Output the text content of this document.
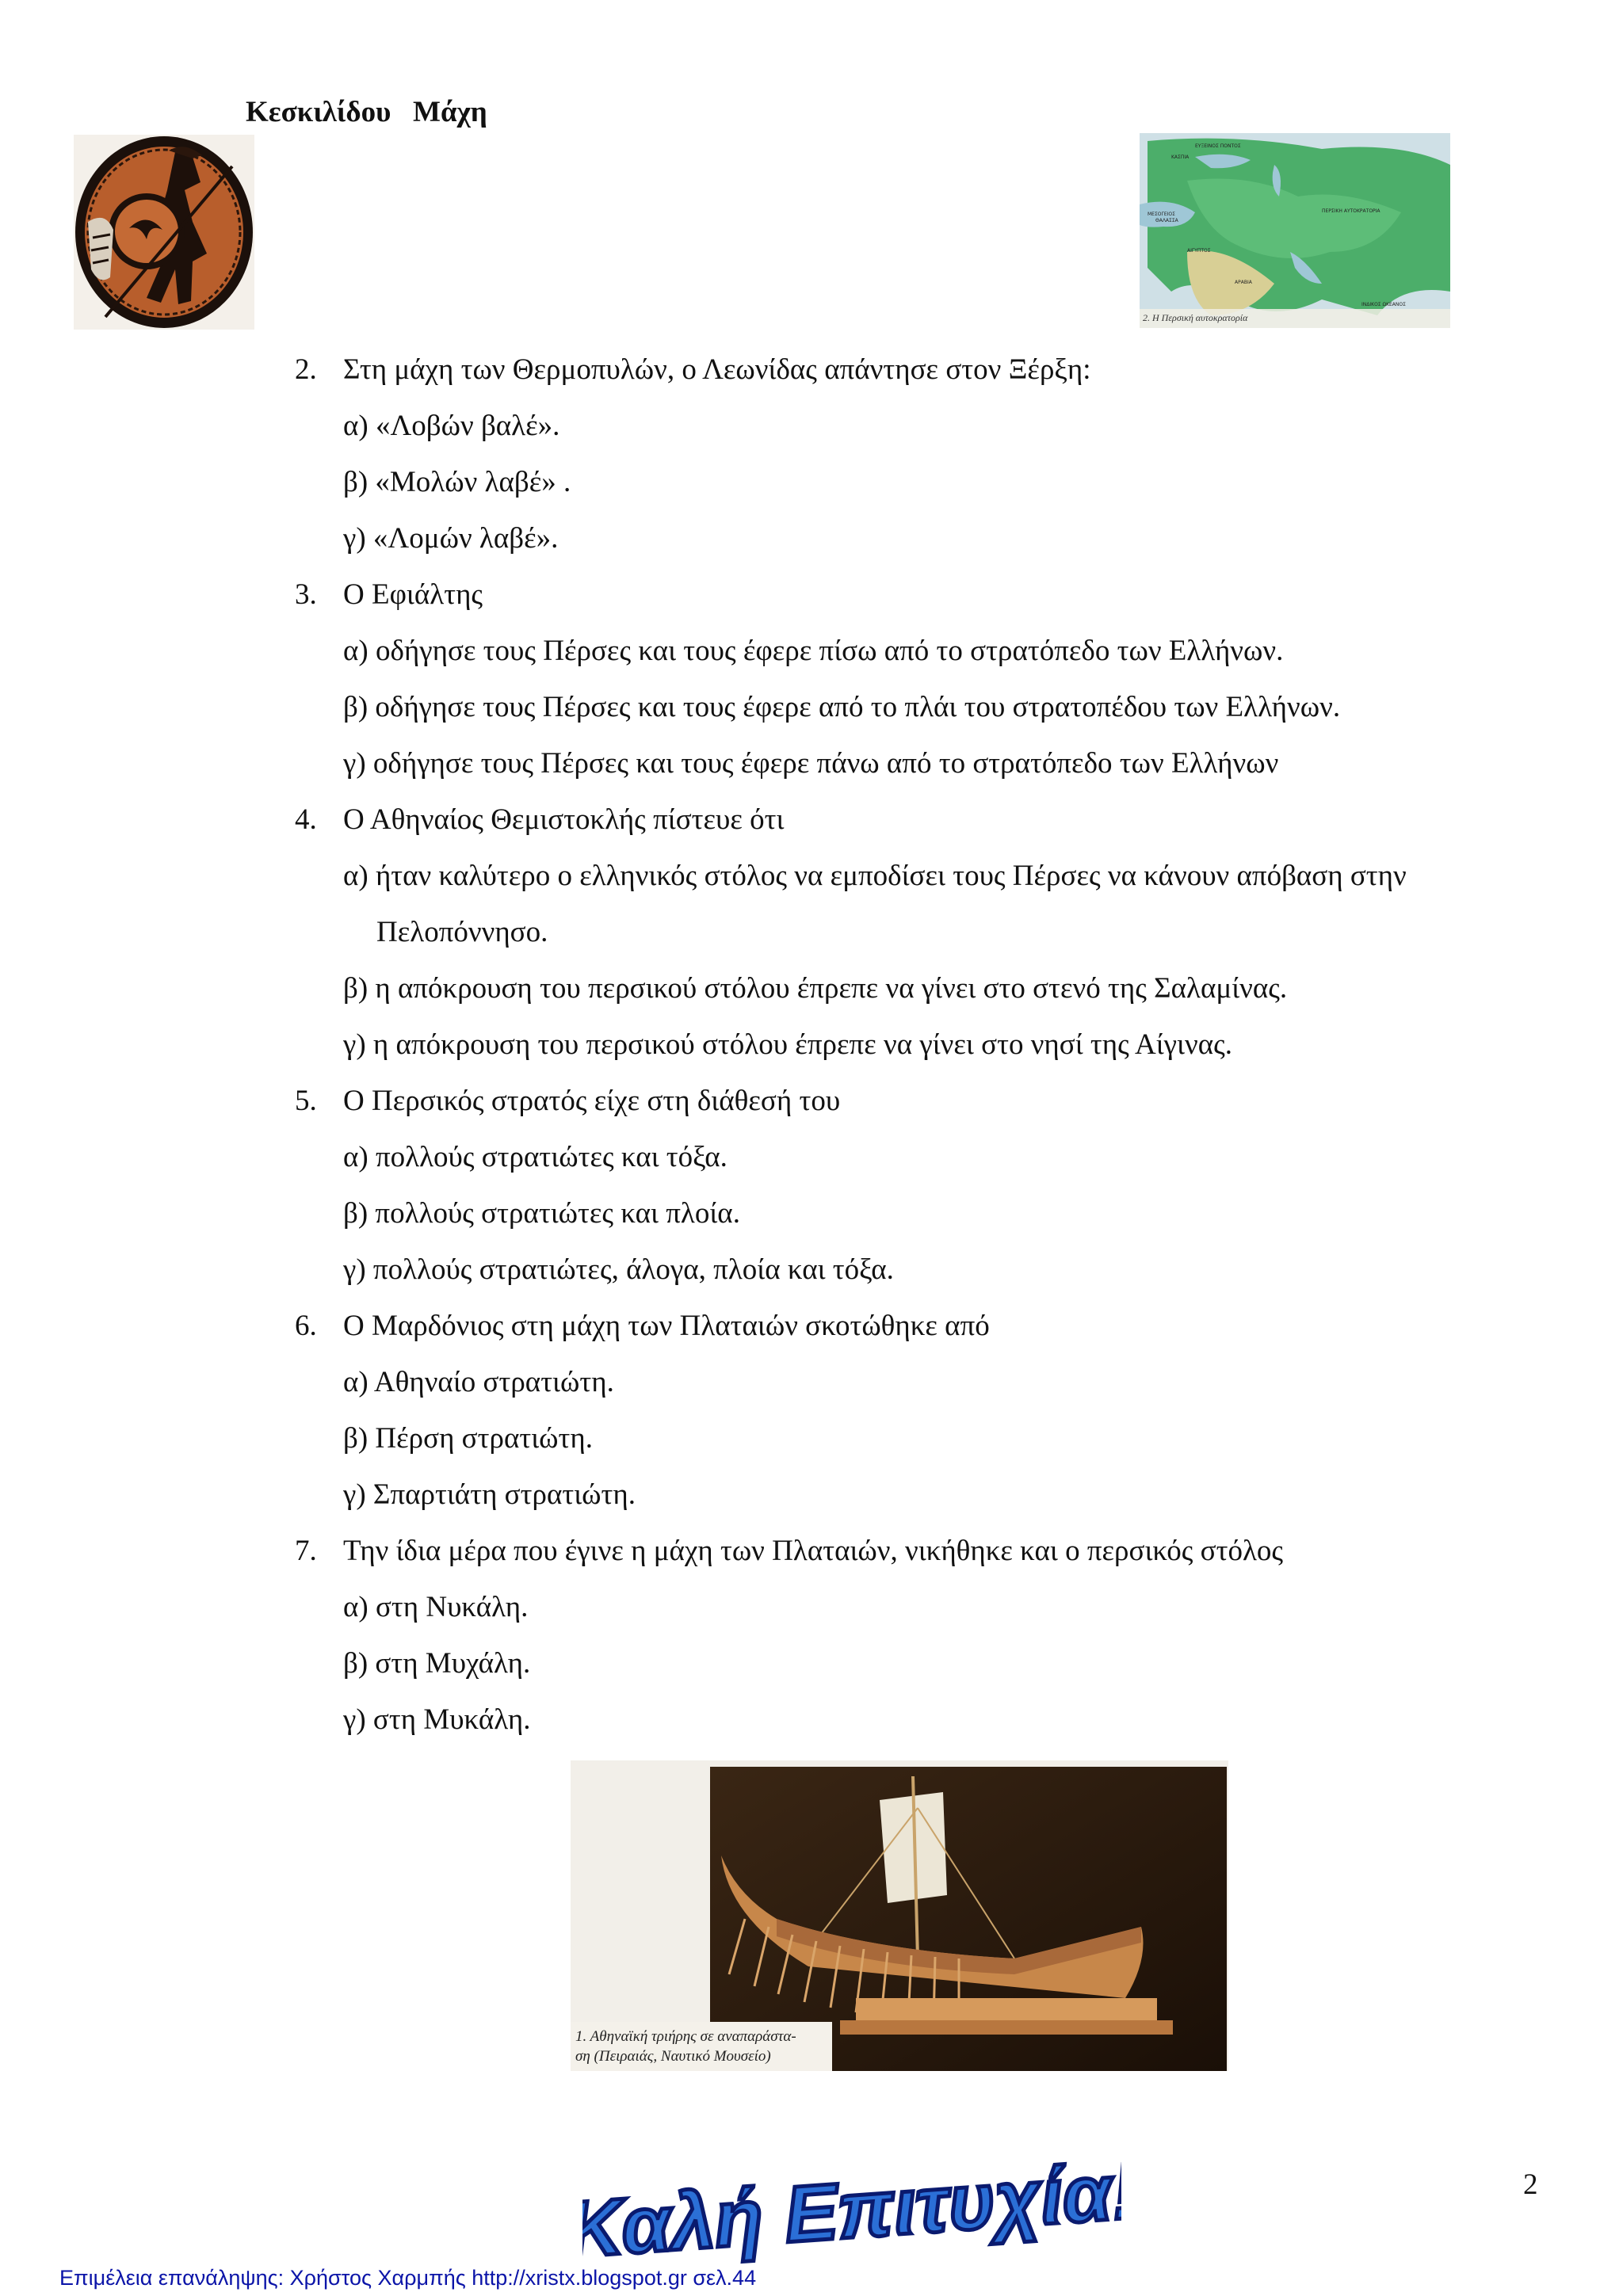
Κεσκιλίδου   Μάχη
ΕΥΞΕΙΝΟΣ ΠΟΝΤΟΣ
ΚΑΣΠΙΑ
ΜΕΣΟΓΕΙΟΣ
ΘΑΛΑΣΣΑ
ΠΕΡΣΙΚΗ ΑΥΤΟΚΡΑΤΟΡΙΑ
ΑΙΓΥΠΤΟΣ
ΑΡΑΒΙΑ
ΙΝΔΙΚΟΣ ΩΚΕΑΝΟΣ
2. Η Περσική αυτοκρατορία
2. Στη μάχη των Θερμοπυλών, ο Λεωνίδας απάντησε στον Ξέρξη:
α) «Λοβών βαλέ».
β) «Μολών λαβέ» .
γ) «Λομών λαβέ».
3. Ο Εφιάλτης
α) οδήγησε τους Πέρσες και τους έφερε πίσω από το στρατόπεδο των Ελλήνων.
β) οδήγησε τους Πέρσες και τους έφερε από το πλάι του στρατοπέδου των Ελλήνων.
γ) οδήγησε τους Πέρσες και τους έφερε πάνω από το στρατόπεδο των Ελλήνων
4. Ο Αθηναίος Θεμιστοκλής πίστευε ότι
α) ήταν καλύτερο ο ελληνικός στόλος να εμποδίσει τους Πέρσες να κάνουν απόβαση στην
Πελοπόννησο.
β) η απόκρουση του περσικού στόλου έπρεπε να γίνει στο στενό της Σαλαμίνας.
γ) η απόκρουση του περσικού στόλου έπρεπε να γίνει στο νησί της Αίγινας.
5. Ο Περσικός στρατός είχε στη διάθεσή του
α) πολλούς στρατιώτες και τόξα.
β) πολλούς στρατιώτες και πλοία.
γ) πολλούς στρατιώτες, άλογα, πλοία και τόξα.
6. Ο Μαρδόνιος στη μάχη των Πλαταιών σκοτώθηκε από
α) Αθηναίο στρατιώτη.
β) Πέρση στρατιώτη.
γ) Σπαρτιάτη στρατιώτη.
7. Την ίδια μέρα που έγινε η μάχη των Πλαταιών, νικήθηκε και ο περσικός στόλος
α) στη Νυκάλη.
β) στη Μυχάλη.
γ) στη Μυκάλη.
1. Αθηναϊκή τριήρης σε αναπαράστα-
ση (Πειραιάς, Ναυτικό Μουσείο)
Καλή Επιτυχία!	2
Επιμέλεια επανάληψης: Χρήστος Χαρμπής http://xristx.blogspot.gr σελ.44
